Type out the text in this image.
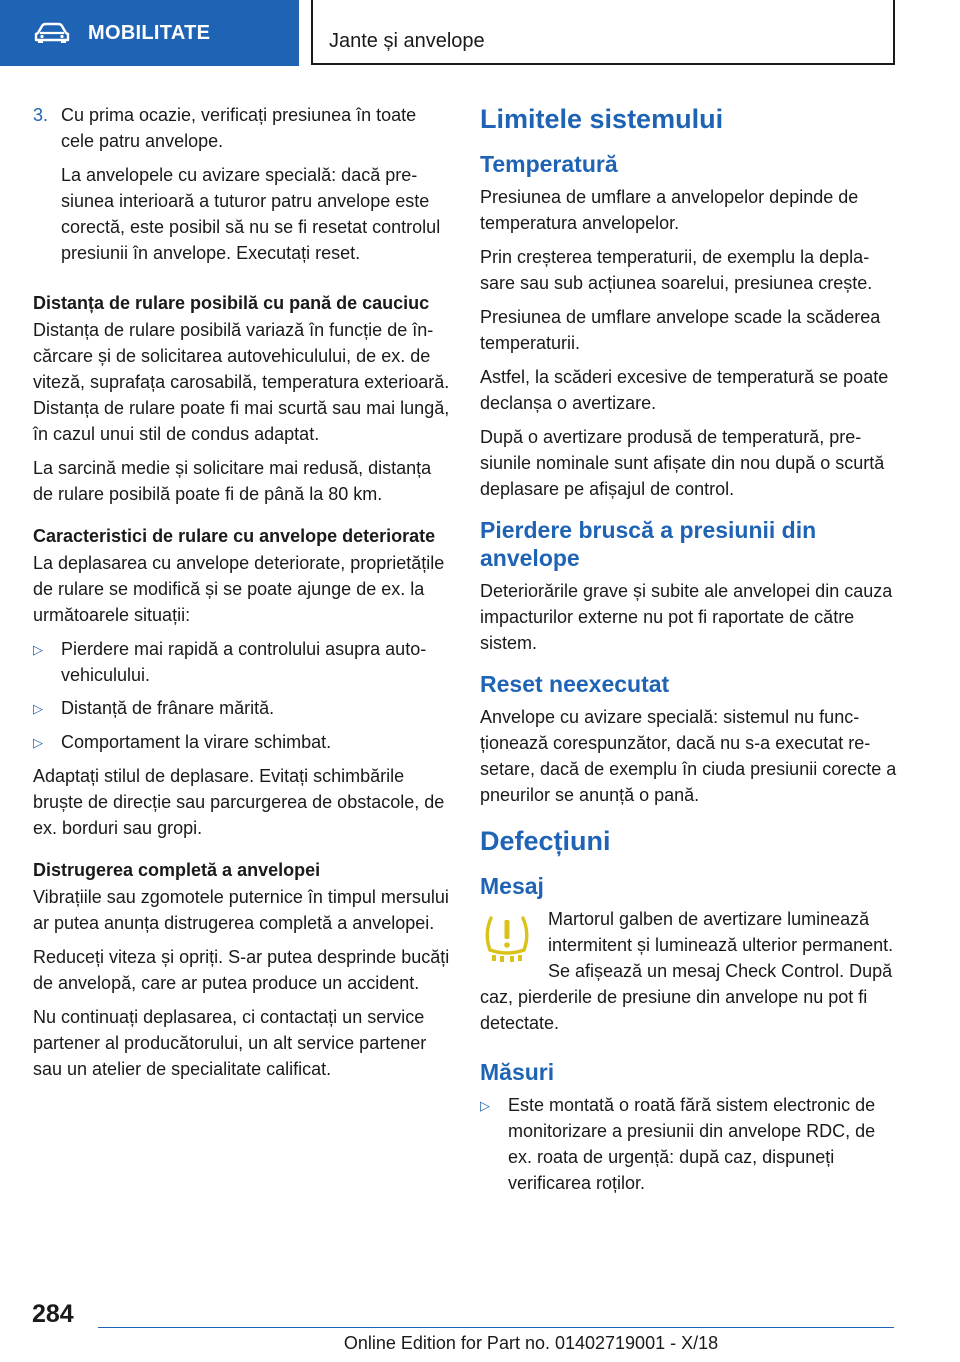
MOBILITATE	Jante și anvelope
3. Cu prima ocazie, verificați presiunea în toate cele patru anvelope.

La anvelopele cu avizare specială: dacă presiunea interioară a tuturor patru anvelope este corectă, este posibil să nu se fi resetat controlul presiunii în anvelope. Executați reset.

Distanța de rulare posibilă cu pană de cauciuc

Distanța de rulare posibilă variază în funcție de încărcare și de solicitarea autovehiculului, de ex. de viteză, suprafața carosabilă, temperatura exterioară. Distanța de rulare poate fi mai scurtă sau mai lungă, în cazul unui stil de condus adaptat.

La sarcină medie și solicitare mai redusă, distanța de rulare posibilă poate fi de până la 80 km.

Caracteristici de rulare cu anvelope deteriorate

La deplasarea cu anvelope deteriorate, proprietățile de rulare se modifică și se poate ajunge de ex. la următoarele situații:

▷	Pierdere mai rapidă a controlului asupra autovehiculului.
▷	Distanță de frânare mărită.
▷	Comportament la virare schimbat.

Adaptați stilul de deplasare. Evitați schimbările bruște de direcție sau parcurgerea de obstacole, de ex. borduri sau gropi.

Distrugerea completă a anvelopei

Vibrațiile sau zgomotele puternice în timpul mersului ar putea anunța distrugerea completă a anvelopei.

Reduceți viteza și opriți. S-ar putea desprinde bucăți de anvelopă, care ar putea produce un accident.

Nu continuați deplasarea, ci contactați un service partener al producătorului, un alt service partener sau un atelier de specialitate calificat.

Limitele sistemului
Temperatură

Presiunea de umflare a anvelopelor depinde de temperatura anvelopelor.

Prin creșterea temperaturii, de exemplu la deplasare sau sub acțiunea soarelui, presiunea crește.

Presiunea de umflare anvelope scade la scăderea temperaturii.

Astfel, la scăderi excesive de temperatură se poate declanșa o avertizare.

După o avertizare produsă de temperatură, presiunile nominale sunt afișate din nou după o scurtă deplasare pe afișajul de control.

Pierdere bruscă a presiunii din anvelope

Deteriorările grave și subite ale anvelopei din cauza impacturilor externe nu pot fi raportate de către sistem.

Reset neexecutat

Anvelope cu avizare specială: sistemul nu funcționează corespunzător, dacă nu s-a executat resetare, dacă de exemplu în ciuda presiunii corecte a pneurilor se anunță o pană.

Defecțiuni
Mesaj

Martorul galben de avertizare luminează intermitent și luminează ulterior permanent. Se afișează un mesaj Check Control. După caz, pierderile de presiune din anvelope nu pot fi detectate.

Măsuri
▷	Este montată o roată fără sistem electronic de monitorizare a presiunii din anvelope RDC, de ex. roata de urgență: după caz, dispuneți verificarea roților.
284
Online Edition for Part no. 01402719001 - X/18
